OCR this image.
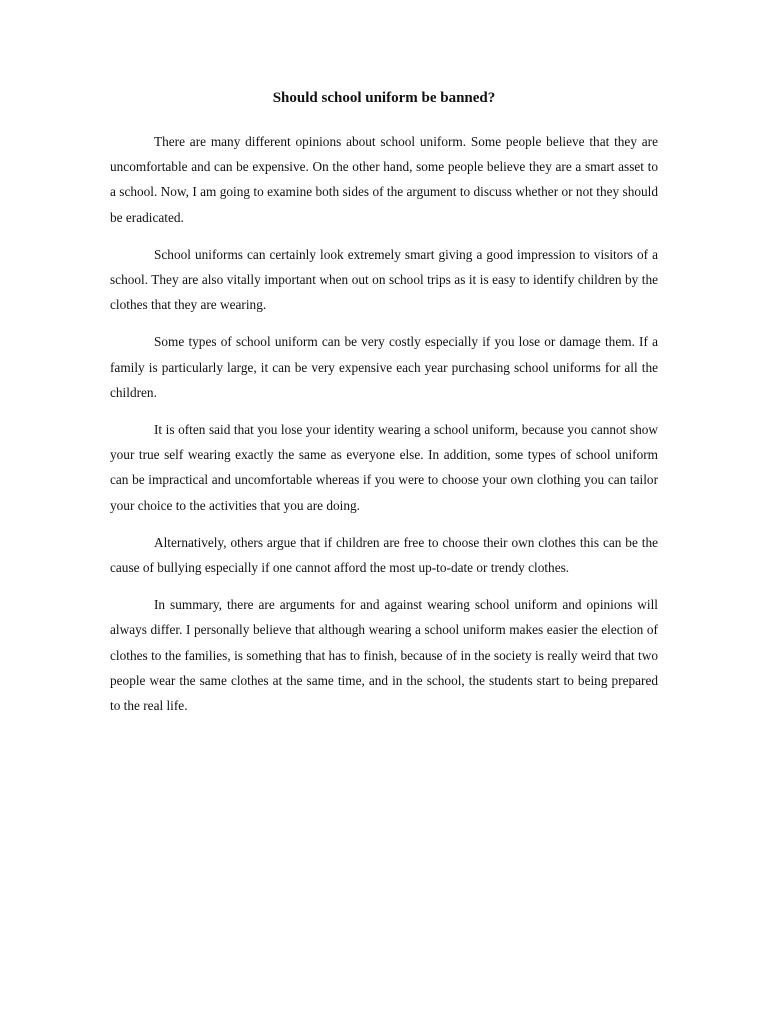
Should school uniform be banned?

There are many different opinions about school uniform. Some people believe that they are uncomfortable and can be expensive. On the other hand, some people believe they are a smart asset to a school. Now, I am going to examine both sides of the argument to discuss whether or not they should be eradicated.

School uniforms can certainly look extremely smart giving a good impression to visitors of a school. They are also vitally important when out on school trips as it is easy to identify children by the clothes that they are wearing.

Some types of school uniform can be very costly especially if you lose or damage them. If a family is particularly large, it can be very expensive each year purchasing school uniforms for all the children.

It is often said that you lose your identity wearing a school uniform, because you cannot show your true self wearing exactly the same as everyone else. In addition, some types of school uniform can be impractical and uncomfortable whereas if you were to choose your own clothing you can tailor your choice to the activities that you are doing.

Alternatively, others argue that if children are free to choose their own clothes this can be the cause of bullying especially if one cannot afford the most up-to-date or trendy clothes.

In summary, there are arguments for and against wearing school uniform and opinions will always differ. I personally believe that although wearing a school uniform makes easier the election of clothes to the families, is something that has to finish, because of in the society is really weird that two people wear the same clothes at the same time, and in the school, the students start to being prepared to the real life.
